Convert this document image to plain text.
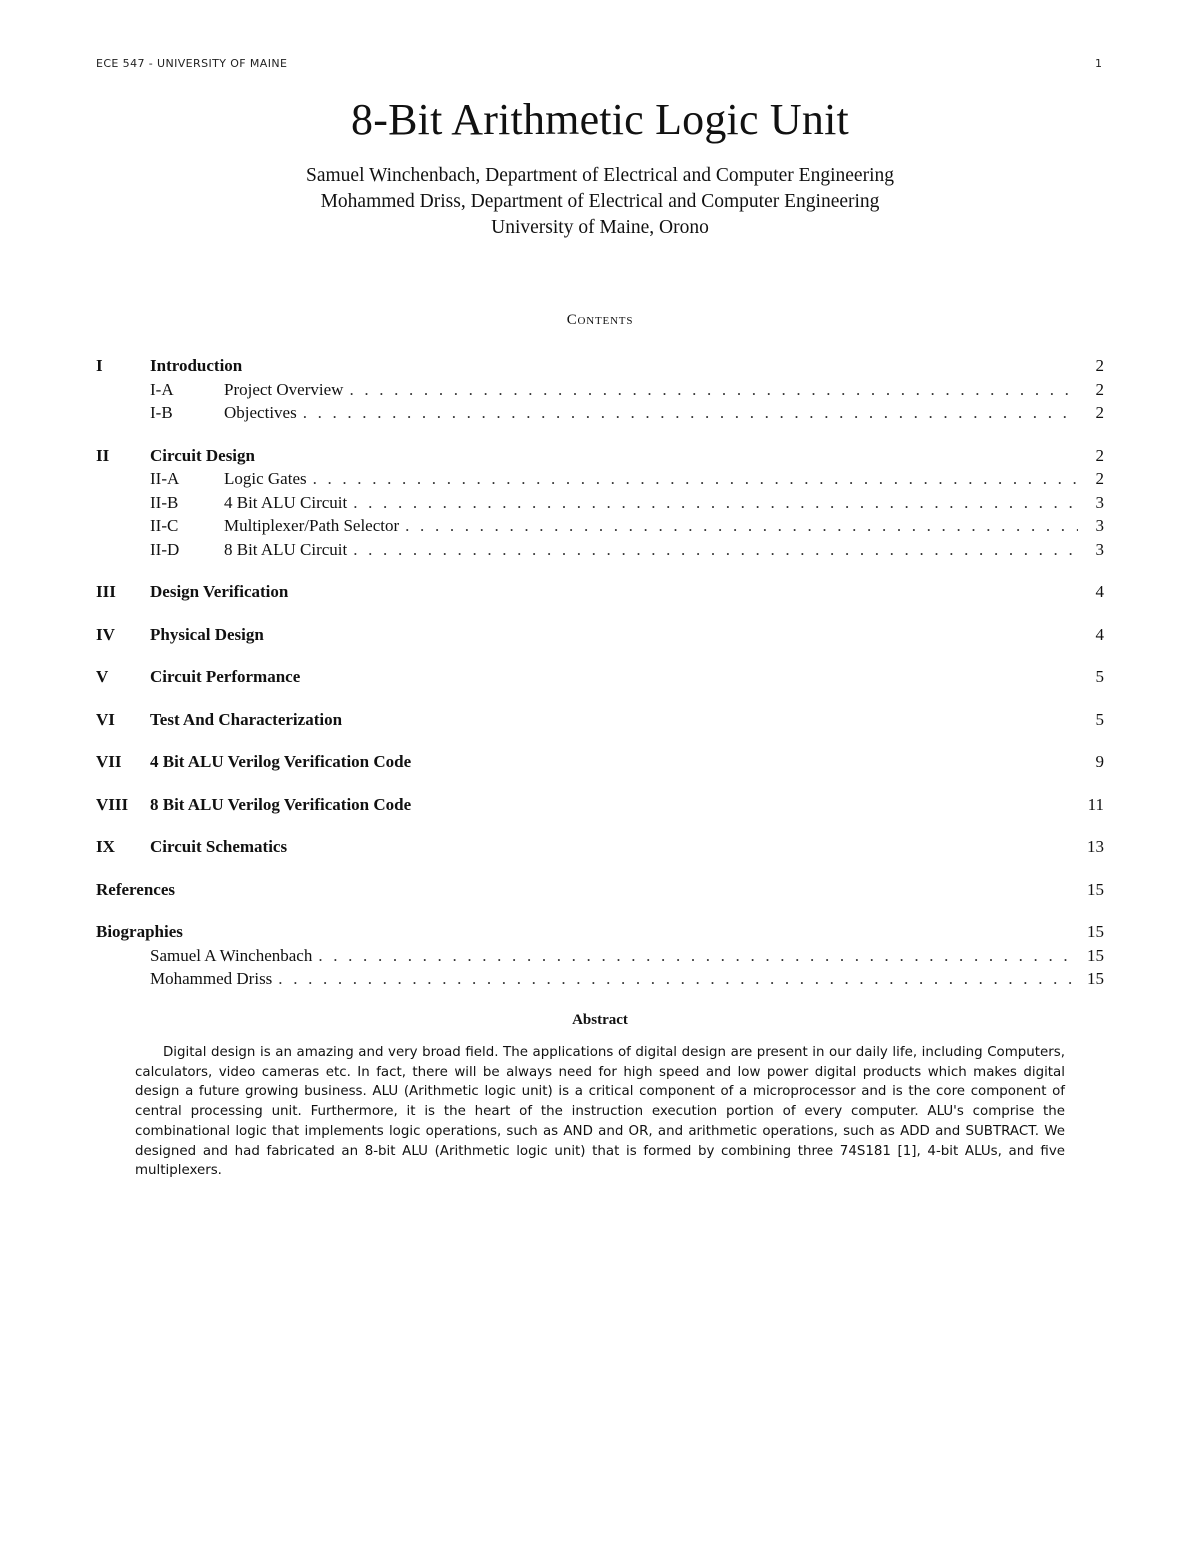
ECE 547 - UNIVERSITY OF MAINE	1
8-Bit Arithmetic Logic Unit
Samuel Winchenbach, Department of Electrical and Computer Engineering
Mohammed Driss, Department of Electrical and Computer Engineering
University of Maine, Orono
Contents
I	Introduction	2
I-A	Project Overview . . .	2
I-B	Objectives . . .	2
II	Circuit Design	2
II-A	Logic Gates . . .	2
II-B	4 Bit ALU Circuit . . .	3
II-C	Multiplexer/Path Selector . . .	3
II-D	8 Bit ALU Circuit . . .	3
III	Design Verification	4
IV	Physical Design	4
V	Circuit Performance	5
VI	Test And Characterization	5
VII	4 Bit ALU Verilog Verification Code	9
VIII	8 Bit ALU Verilog Verification Code	11
IX	Circuit Schematics	13
References	15
Biographies	15
Samuel A Winchenbach . . .	15
Mohammed Driss . . .	15
Abstract

Digital design is an amazing and very broad field. The applications of digital design are present in our daily life, including Computers, calculators, video cameras etc. In fact, there will be always need for high speed and low power digital products which makes digital design a future growing business. ALU (Arithmetic logic unit) is a critical component of a microprocessor and is the core component of central processing unit. Furthermore, it is the heart of the instruction execution portion of every computer. ALU's comprise the combinational logic that implements logic operations, such as AND and OR, and arithmetic operations, such as ADD and SUBTRACT. We designed and had fabricated an 8-bit ALU (Arithmetic logic unit) that is formed by combining three 74S181 [1], 4-bit ALUs, and five multiplexers.
